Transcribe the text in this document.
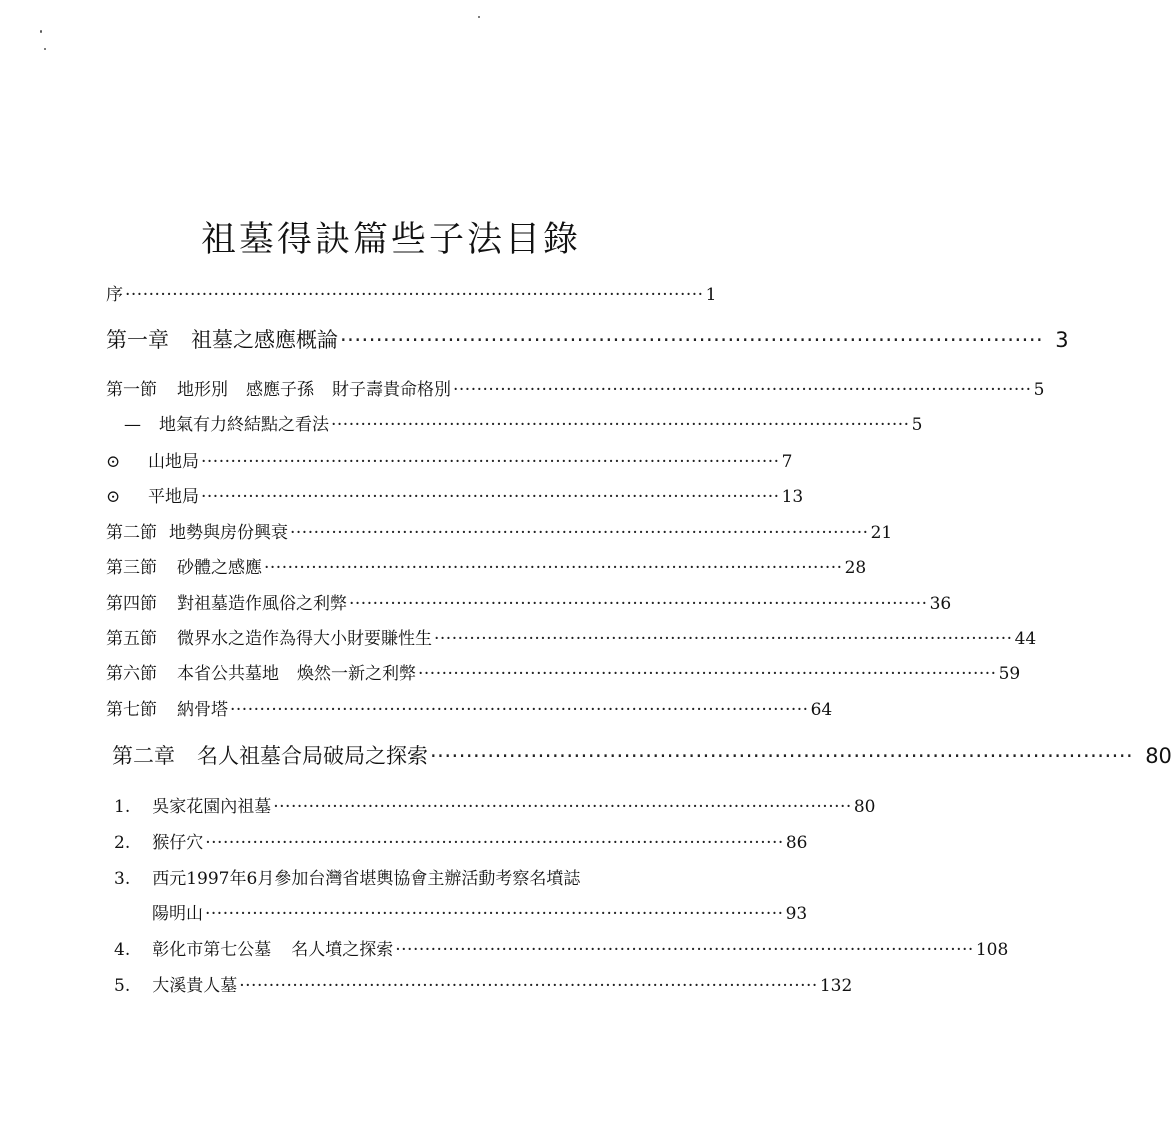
祖墓得訣篇些子法目錄
序 ·································································································· 1
第一章 祖墓之感應概論 ·································································································· 3
第一節 地形別 感應子孫 財子壽貴命格別 ·································································································· 5
— 地氣有力終結點之看法 ·································································································· 5
⊙ 山地局 ·································································································· 7
⊙ 平地局 ·································································································· 13
第二節 地勢與房份興衰 ·································································································· 21
第三節 砂體之感應 ·································································································· 28
第四節 對祖墓造作風俗之利弊 ·································································································· 36
第五節 微界水之造作為得大小財要賺性生 ·································································································· 44
第六節 本省公共墓地 煥然一新之利弊 ·································································································· 59
第七節 納骨塔 ·································································································· 64
第二章 名人祖墓合局破局之探索 ·································································································· 80
1. 吳家花園內祖墓 ·································································································· 80
2. 猴仔穴 ·································································································· 86
3. 西元1997年6月參加台灣省堪輿協會主辦活動考察名墳誌
陽明山 ·································································································· 93
4. 彰化市第七公墓 名人墳之探索 ·································································································· 108
5. 大溪貴人墓 ·································································································· 132
